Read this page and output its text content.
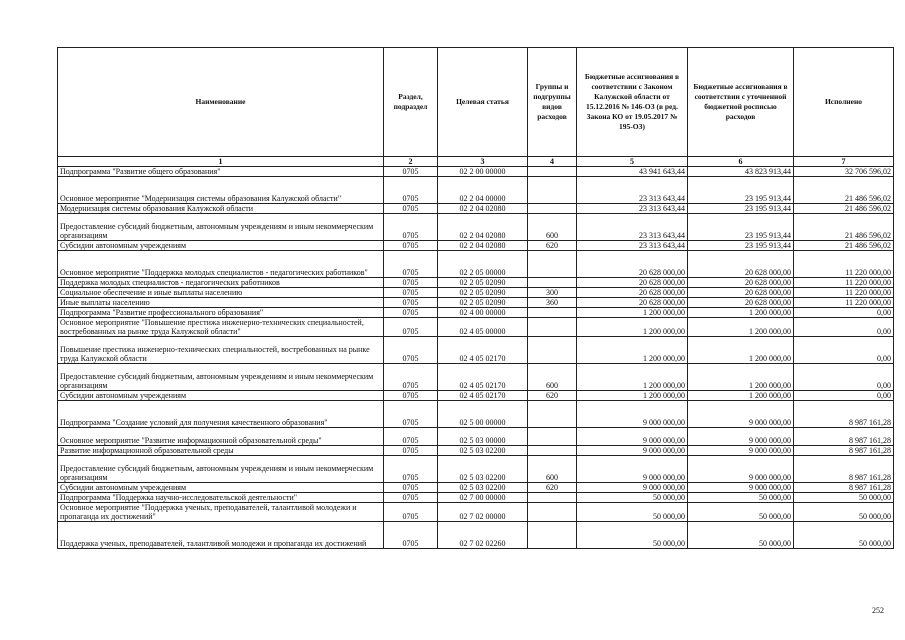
Наименование	Раздел, подраздел	Целевая статья	Группы и подгруппы видов расходов	Бюджетные ассигнования в соответствии с Законом Калужской области от 15.12.2016 № 146-ОЗ (в ред. Закона КО от 19.05.2017 № 195-ОЗ)	Бюджетные ассигнования в соответствии с уточненной бюджетной росписью расходов	Исполнено
1	2	3	4	5	6	7
Подпрограмма "Развитие общего образования"	0705	02 2 00 00000		43 941 643,44	43 823 913,44	32 706 596,02
Основное мероприятие "Модернизация системы образования Калужской области"	0705	02 2 04 00000		23 313 643,44	23 195 913,44	21 486 596,02
Модернизация системы образования Калужской области	0705	02 2 04 02080		23 313 643,44	23 195 913,44	21 486 596,02
Предоставление субсидий бюджетным, автономным учреждениям и иным некоммерческим организациям	0705	02 2 04 02080	600	23 313 643,44	23 195 913,44	21 486 596,02
Субсидии автономным учреждениям	0705	02 2 04 02080	620	23 313 643,44	23 195 913,44	21 486 596,02
Основное мероприятие "Поддержка молодых специалистов - педагогических работников"	0705	02 2 05 00000		20 628 000,00	20 628 000,00	11 220 000,00
Поддержка молодых специалистов - педагогических работников	0705	02 2 05 02090		20 628 000,00	20 628 000,00	11 220 000,00
Социальное обеспечение и иные выплаты населению	0705	02 2 05 02090	300	20 628 000,00	20 628 000,00	11 220 000,00
Иные выплаты населению	0705	02 2 05 02090	360	20 628 000,00	20 628 000,00	11 220 000,00
Подпрограмма "Развитие профессионального образования"	0705	02 4 00 00000		1 200 000,00	1 200 000,00	0,00
Основное мероприятие "Повышение престижа инженерно-технических специальностей, востребованных на рынке труда Калужской области"	0705	02 4 05 00000		1 200 000,00	1 200 000,00	0,00
Повышение престижа инженерно-технических специальностей, востребованных на рынке труда Калужской области	0705	02 4 05 02170		1 200 000,00	1 200 000,00	0,00
Предоставление субсидий бюджетным, автономным учреждениям и иным некоммерческим организациям	0705	02 4 05 02170	600	1 200 000,00	1 200 000,00	0,00
Субсидии автономным учреждениям	0705	02 4 05 02170	620	1 200 000,00	1 200 000,00	0,00
Подпрограмма "Создание условий для получения качественного образования"	0705	02 5 00 00000		9 000 000,00	9 000 000,00	8 987 161,28
Основное мероприятие "Развитие информационной образовательной среды"	0705	02 5 03 00000		9 000 000,00	9 000 000,00	8 987 161,28
Развитие информационной образовательной среды	0705	02 5 03 02200		9 000 000,00	9 000 000,00	8 987 161,28
Предоставление субсидий бюджетным, автономным учреждениям и иным некоммерческим организациям	0705	02 5 03 02200	600	9 000 000,00	9 000 000,00	8 987 161,28
Субсидии автономным учреждениям	0705	02 5 03 02200	620	9 000 000,00	9 000 000,00	8 987 161,28
Подпрограмма "Поддержка научно-исследовательской деятельности"	0705	02 7 00 00000		50 000,00	50 000,00	50 000,00
Основное мероприятие "Поддержка ученых, преподавателей, талантливой молодежи и пропаганда их достижений"	0705	02 7 02 00000		50 000,00	50 000,00	50 000,00
Поддержка ученых, преподавателей, талантливой молодежи и пропаганда их достижений	0705	02 7 02 02260		50 000,00	50 000,00	50 000,00
252
